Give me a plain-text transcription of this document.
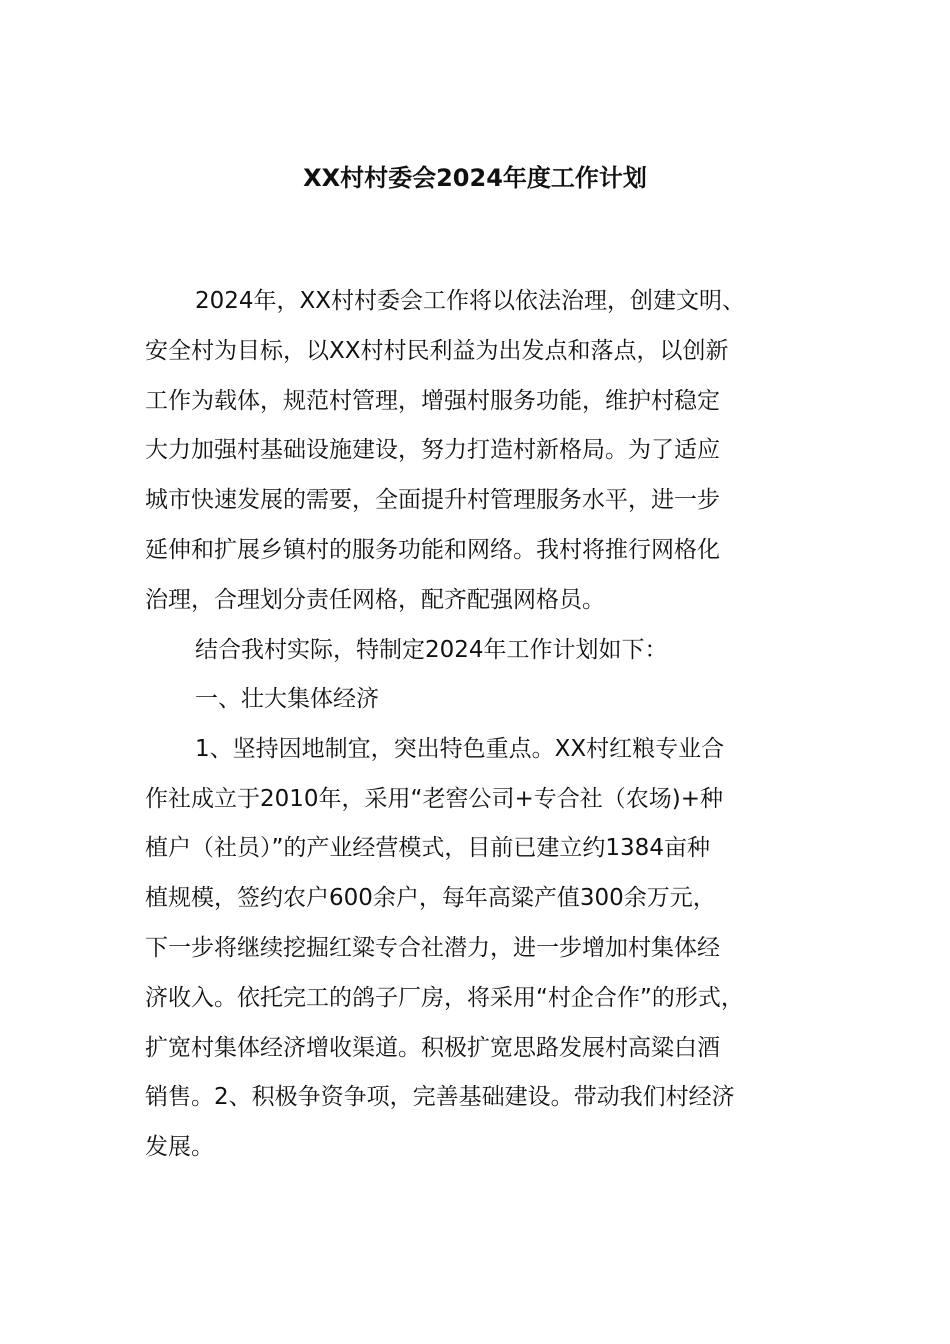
XX村村委会2024年度工作计划
2024年，XX村村委会工作将以依法治理，创建文明、
安全村为目标，以XX村村民利益为出发点和落点，以创新
工作为载体，规范村管理，增强村服务功能，维护村稳定
大力加强村基础设施建设，努力打造村新格局。为了适应
城市快速发展的需要，全面提升村管理服务水平，进一步
延伸和扩展乡镇村的服务功能和网络。我村将推行网格化
治理，合理划分责任网格，配齐配强网格员。
结合我村实际，特制定2024年工作计划如下：
一、壮大集体经济
1、坚持因地制宜，突出特色重点。XX村红粮专业合
作社成立于2010年，采用“老窖公司+专合社（农场)+种
植户（社员）”的产业经营模式，目前已建立约1384亩种
植规模，签约农户600余户，每年高粱产值300余万元，
下一步将继续挖掘红粱专合社潜力，进一步增加村集体经
济收入。依托完工的鸽子厂房，将采用“村企合作”的形式，
扩宽村集体经济增收渠道。积极扩宽思路发展村高粱白酒
销售。2、积极争资争项，完善基础建设。带动我们村经济
发展。
